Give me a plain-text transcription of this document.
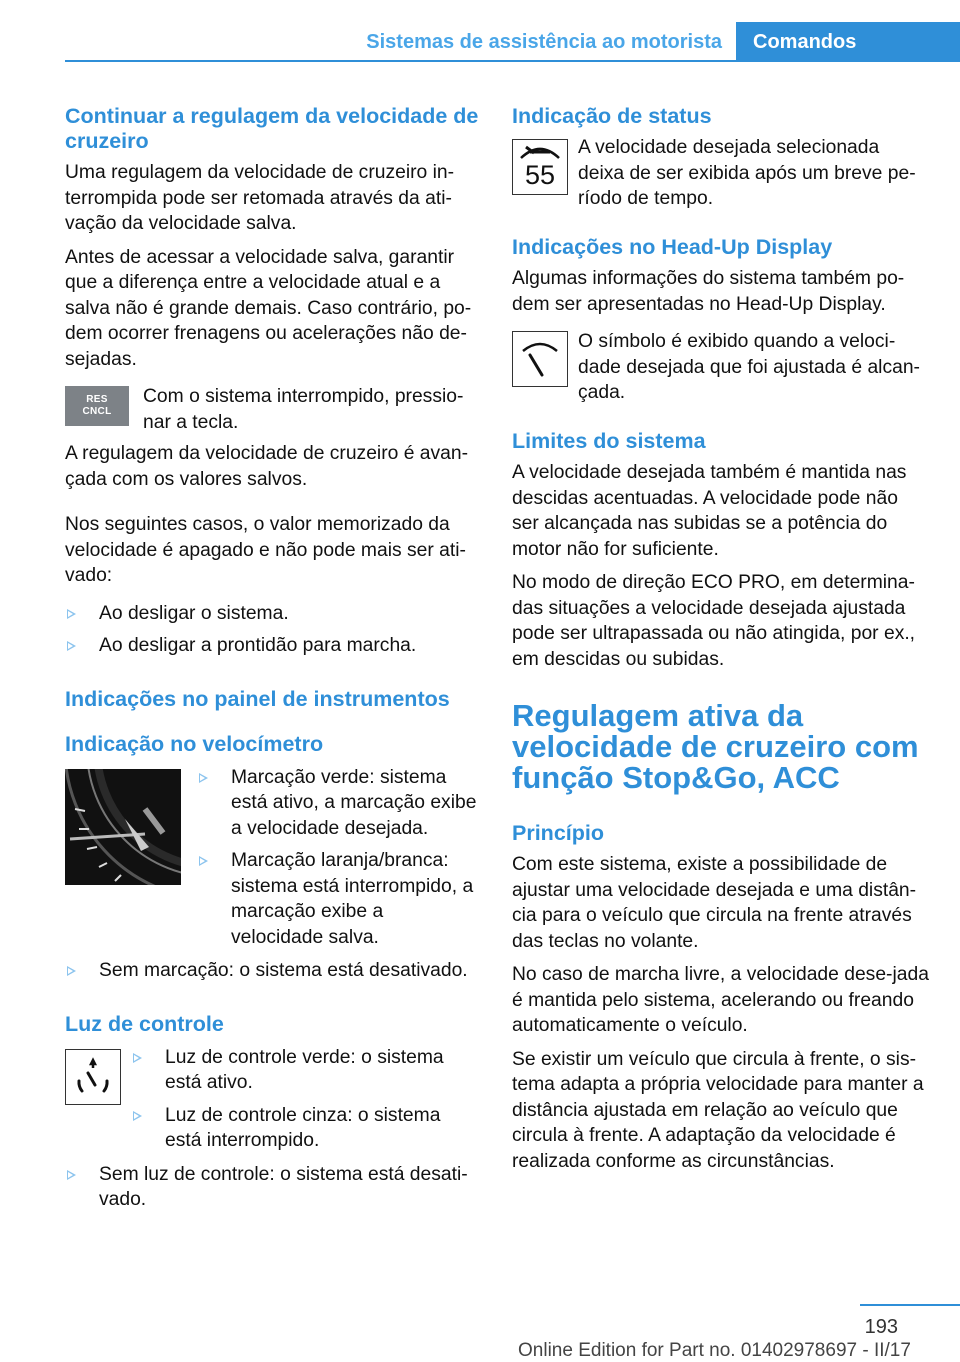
Sistemas de assistência ao motorista	Comandos
Continuar a regulagem da velocidade de cruzeiro

Uma regulagem da velocidade de cruzeiro in-terrompida pode ser retomada através da ati-vação da velocidade salva.

Antes de acessar a velocidade salva, garantir que a diferença entre a velocidade atual e a salva não é grande demais. Caso contrário, po-dem ocorrer frenagens ou acelerações não de-sejadas.

RES
CNCL

Com o sistema interrompido, pressio-nar a tecla.

A regulagem da velocidade de cruzeiro é avan-çada com os valores salvos.

Nos seguintes casos, o valor memorizado da velocidade é apagado e não pode mais ser ati-vado:

Ao desligar o sistema.
Ao desligar a prontidão para marcha.
Indicações no painel de instrumentos
Indicação no velocímetro
Marcação verde: sistema está ativo, a marcação exibe a velocidade desejada.
Marcação laranja/branca: sistema está interrompido, a marcação exibe a velocidade salva.
Sem marcação: o sistema está desativado.
Luz de controle
Luz de controle verde: o sistema está ativo.
Luz de controle cinza: o sistema está interrompido.
Sem luz de controle: o sistema está desati-vado.
Indicação de status
55

A velocidade desejada selecionada deixa de ser exibida após um breve pe-ríodo de tempo.

Indicações no Head-Up Display

Algumas informações do sistema também po-dem ser apresentadas no Head-Up Display.

O símbolo é exibido quando a veloci-dade desejada que foi ajustada é alcan-çada.

Limites do sistema

A velocidade desejada também é mantida nas descidas acentuadas. A velocidade pode não ser alcançada nas subidas se a potência do motor não for suficiente.

No modo de direção ECO PRO, em determina-das situações a velocidade desejada ajustada pode ser ultrapassada ou não atingida, por ex., em descidas ou subidas.

Regulagem ativa da velocidade de cruzeiro com função Stop&Go, ACC
Princípio

Com este sistema, existe a possibilidade de ajustar uma velocidade desejada e uma distân-cia para o veículo que circula na frente através das teclas no volante.

No caso de marcha livre, a velocidade dese-jada é mantida pelo sistema, acelerando ou freando automaticamente o veículo.

Se existir um veículo que circula à frente, o sis-tema adapta a própria velocidade para manter a distância ajustada em relação ao veículo que circula à frente. A adaptação da velocidade é realizada conforme as circunstâncias.

193
Online Edition for Part no. 01402978697 - II/17
